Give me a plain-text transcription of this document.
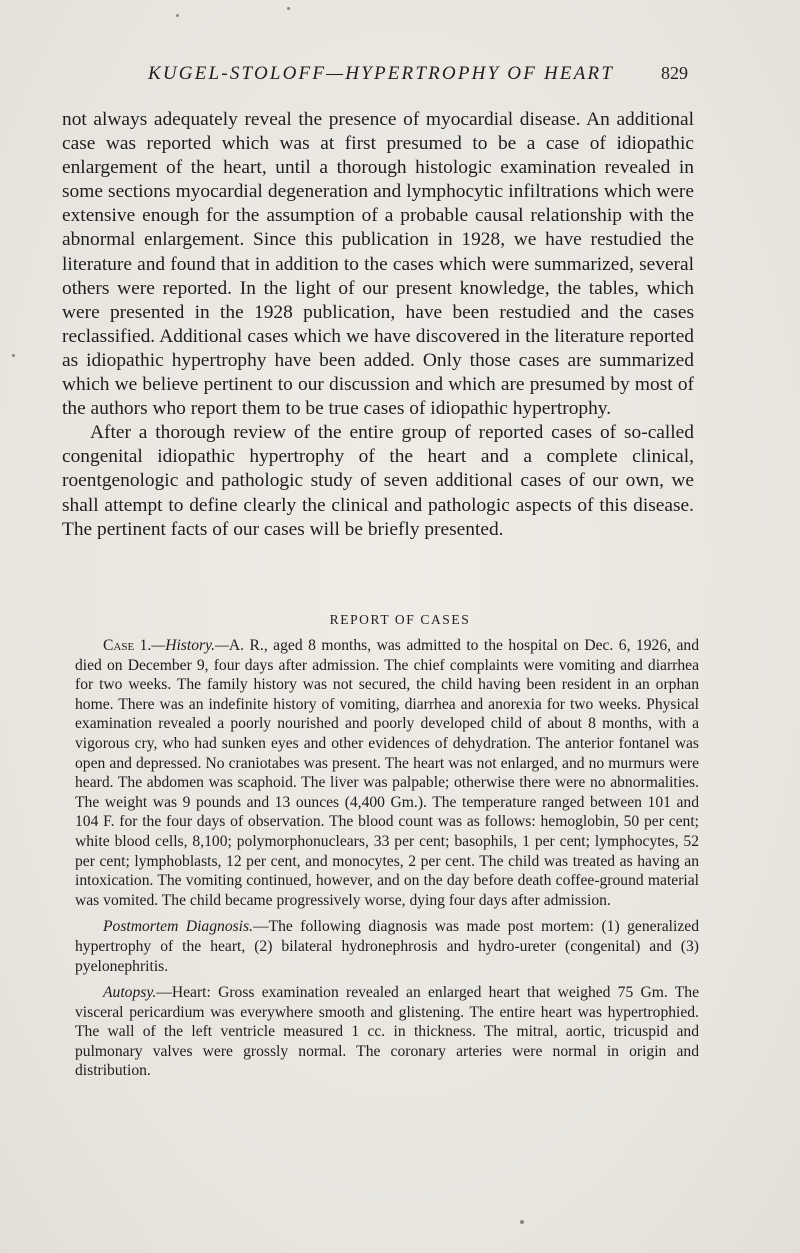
KUGEL-STOLOFF—HYPERTROPHY OF HEART	829

not always adequately reveal the presence of myocardial disease. An additional case was reported which was at first presumed to be a case of idiopathic enlargement of the heart, until a thorough histologic examination revealed in some sections myocardial degeneration and lymphocytic infiltrations which were extensive enough for the assumption of a probable causal relationship with the abnormal enlargement. Since this publication in 1928, we have restudied the literature and found that in addition to the cases which were summarized, several others were reported. In the light of our present knowledge, the tables, which were presented in the 1928 publication, have been restudied and the cases reclassified. Additional cases which we have discovered in the literature reported as idiopathic hypertrophy have been added. Only those cases are summarized which we believe pertinent to our discussion and which are presumed by most of the authors who report them to be true cases of idiopathic hypertrophy.

After a thorough review of the entire group of reported cases of so-called congenital idiopathic hypertrophy of the heart and a complete clinical, roentgenologic and pathologic study of seven additional cases of our own, we shall attempt to define clearly the clinical and pathologic aspects of this disease. The pertinent facts of our cases will be briefly presented.

REPORT OF CASES

Case 1.—History.—A. R., aged 8 months, was admitted to the hospital on Dec. 6, 1926, and died on December 9, four days after admission. The chief complaints were vomiting and diarrhea for two weeks. The family history was not secured, the child having been resident in an orphan home. There was an indefinite history of vomiting, diarrhea and anorexia for two weeks. Physical examination revealed a poorly nourished and poorly developed child of about 8 months, with a vigorous cry, who had sunken eyes and other evidences of dehydration. The anterior fontanel was open and depressed. No craniotabes was present. The heart was not enlarged, and no murmurs were heard. The abdomen was scaphoid. The liver was palpable; otherwise there were no abnormalities. The weight was 9 pounds and 13 ounces (4,400 Gm.). The temperature ranged between 101 and 104 F. for the four days of observation. The blood count was as follows: hemoglobin, 50 per cent; white blood cells, 8,100; polymorphonuclears, 33 per cent; basophils, 1 per cent; lymphocytes, 52 per cent; lymphoblasts, 12 per cent, and monocytes, 2 per cent. The child was treated as having an intoxication. The vomiting continued, however, and on the day before death coffee-ground material was vomited. The child became progressively worse, dying four days after admission.

Postmortem Diagnosis.—The following diagnosis was made post mortem: (1) generalized hypertrophy of the heart, (2) bilateral hydronephrosis and hydro-ureter (congenital) and (3) pyelonephritis.

Autopsy.—Heart: Gross examination revealed an enlarged heart that weighed 75 Gm. The visceral pericardium was everywhere smooth and glistening. The entire heart was hypertrophied. The wall of the left ventricle measured 1 cc. in thickness. The mitral, aortic, tricuspid and pulmonary valves were grossly normal. The coronary arteries were normal in origin and distribution.
